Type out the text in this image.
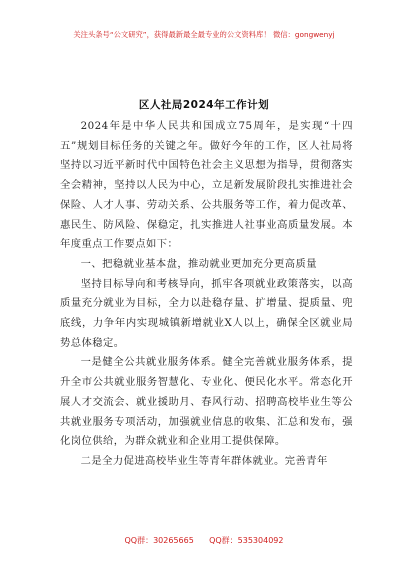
关注头条号“公文研究”，获得最新最全最专业的公文资料库！ 微信：gongwenyj
区人社局2024年工作计划

2024年是中华人民共和国成立75周年，是实现“十四五”规划目标任务的关键之年。做好今年的工作，区人社局将坚持以习近平新时代中国特色社会主义思想为指导，贯彻落实全会精神，坚持以人民为中心，立足新发展阶段扎实推进社会保险、人才人事、劳动关系、公共服务等工作，着力促改革、惠民生、防风险、保稳定，扎实推进人社事业高质量发展。本年度重点工作要点如下：

一、把稳就业基本盘，推动就业更加充分更高质量

坚持目标导向和考核导向，抓牢各项就业政策落实，以高质量充分就业为目标，全力以赴稳存量、扩增量、提质量、兜底线，力争年内实现城镇新增就业X人以上，确保全区就业局势总体稳定。

一是健全公共就业服务体系。健全完善就业服务体系，提升全市公共就业服务智慧化、专业化、便民化水平。常态化开展人才交流会、就业援助月、春风行动、招聘高校毕业生等公共就业服务专项活动，加强就业信息的收集、汇总和发布，强化岗位供给，为群众就业和企业用工提供保障。

二是全力促进高校毕业生等青年群体就业。完善青年

QQ群：30265665      QQ群：535304092
